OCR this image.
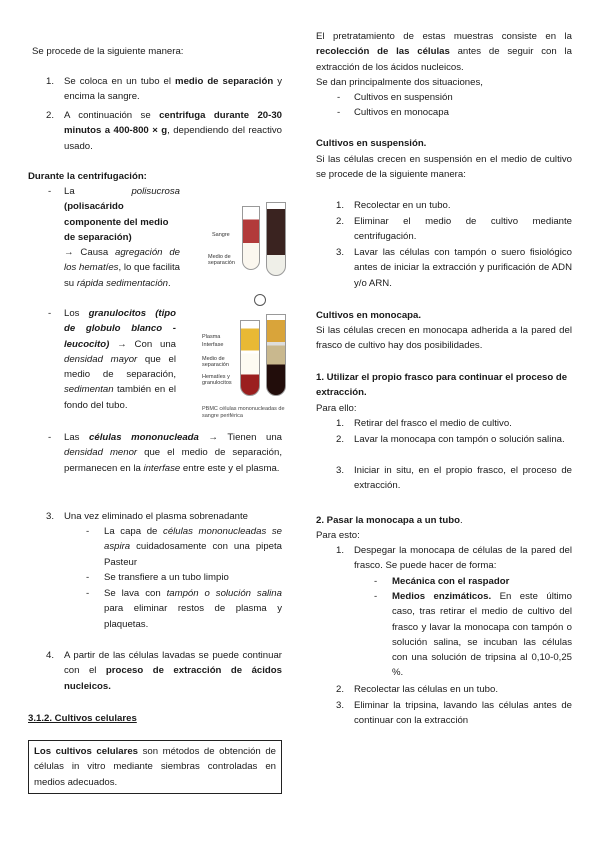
Se procede de la siguiente manera:
1. Se coloca en un tubo el medio de separación y encima la sangre.
2. A continuación se centrifuga durante 20-30 minutos a 400-800 × g, dependiendo del reactivo usado.
Durante la centrifugación:
- La	polisucrosa
(polisacárido componente del medio de separación)
→ Causa agregación de los hematíes, lo que facilita su rápida sedimentación.
- Los granulocitos (tipo de globulo blanco - leucocito) → Con una densidad mayor que el medio de separación, sedimentan también en el fondo del tubo.
- Las células mononucleada → Tienen una densidad menor que el medio de separación, permanecen en la interfase entre este y el plasma.
3. Una vez eliminado el plasma sobrenadante
- La capa de células mononucleadas se aspira cuidadosamente con una pipeta Pasteur
- Se transfiere a un tubo limpio
- Se lava con tampón o solución salina para eliminar restos de plasma y plaquetas.
4. A partir de las células lavadas se puede continuar con el proceso de extracción de ácidos nucleicos.
3.1.2. Cultivos celulares
Los cultivos celulares son métodos de obtención de células in vitro mediante siembras controladas en medios adecuados.
Sangre
Medio de separación
Plasma
Interfase
Medio de separación
Hematíes y granulocitos
PBMC células mononucleadas de sangre periférica
El pretratamiento de estas muestras consiste en la recolección de las células antes de seguir con la extracción de los ácidos nucleicos.
Se dan principalmente dos situaciones,
- Cultivos en suspensión
- Cultivos en monocapa
Cultivos en suspensión.
Si las células crecen en suspensión en el medio de cultivo se procede de la siguiente manera:
1. Recolectar en un tubo.
2. Eliminar el medio de cultivo mediante centrifugación.
3. Lavar las células con tampón o suero fisiológico antes de iniciar la extracción y purificación de ADN y/o ARN.
Cultivos en monocapa.
Si las células crecen en monocapa adherida a la pared del frasco de cultivo hay dos posibilidades.
1. Utilizar el propio frasco para continuar el proceso de extracción.
Para ello:
1. Retirar del frasco el medio de cultivo.
2. Lavar la monocapa con tampón o solución salina.
3. Iniciar in situ, en el propio frasco, el proceso de extracción.
2. Pasar la monocapa a un tubo.
Para esto:
1. Despegar la monocapa de células de la pared del frasco. Se puede hacer de forma:
- Mecánica con el raspador
- Medios enzimáticos. En este último caso, tras retirar el medio de cultivo del frasco y lavar la monocapa con tampón o solución salina, se incuban las células con una solución de tripsina al 0,10-0,25 %.
2. Recolectar las células en un tubo.
3. Eliminar la tripsina, lavando las células antes de continuar con la extracción
